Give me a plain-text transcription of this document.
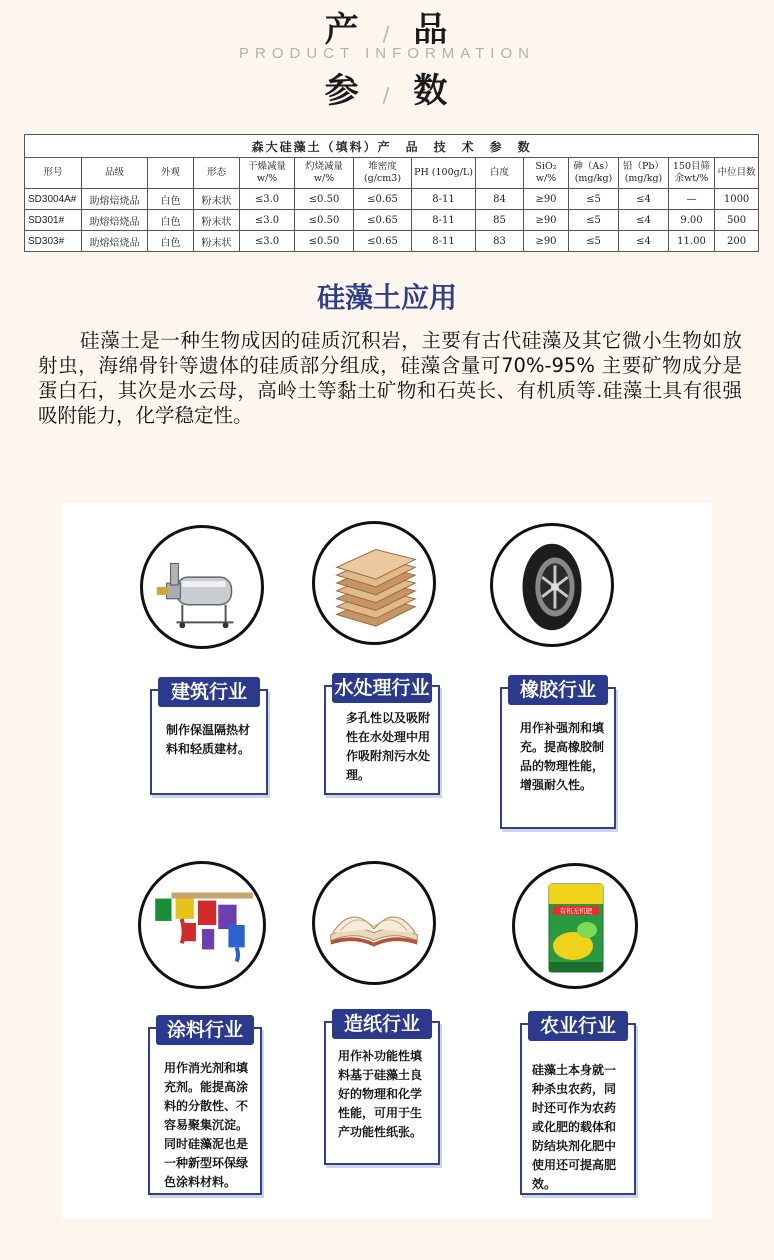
产 / 品
PRODUCT INFORMATION
参 / 数
森大硅藻土（填料）产　品　技　术　参　数													
形号	品级	外观	形态	干燥减量 w/%	灼烧减量 w/%	堆密度 (g/cm3)	PH (100g/L)	白度	SiO₂ w/%	砷（As）(mg/kg)	铅（Pb）(mg/kg)	150目筛余wt/%	中位目数
SD3004A#	助熔焙烧品	白色	粉末状	≤3.0	≤0.50	≤0.65	8-11	84	≥90	≤5	≤4	—	1000
SD301#	助熔焙烧品	白色	粉末状	≤3.0	≤0.50	≤0.65	8-11	85	≥90	≤5	≤4	9.00	500
SD303#	助熔焙烧品	白色	粉末状	≤3.0	≤0.50	≤0.65	8-11	83	≥90	≤5	≤4	11.00	200
硅藻土应用
硅藻土是一种生物成因的硅质沉积岩，主要有古代硅藻及其它微小生物如放射虫，海绵骨针等遗体的硅质部分组成，硅藻含量可70%-95% 主要矿物成分是蛋白石，其次是水云母，高岭土等黏土矿物和石英长、有机质等.硅藻土具有很强吸附能力，化学稳定性。
建筑行业
制作保温隔热材料和轻质建材。
水处理行业
多孔性以及吸附性在水处理中用作吸附剂污水处理。
橡胶行业
用作补强剂和填充。提高橡胶制品的物理性能，增强耐久性。
涂料行业
用作消光剂和填充剂。能提高涂料的分散性、不容易聚集沉淀。同时硅藻泥也是一种新型环保绿色涂料材料。
造纸行业
用作补功能性填料基于硅藻土良好的物理和化学性能，可用于生产功能性纸张。
有机无机肥
农业行业
硅藻土本身就一种杀虫农药，同时还可作为农药或化肥的载体和防结块剂化肥中使用还可提高肥效。
